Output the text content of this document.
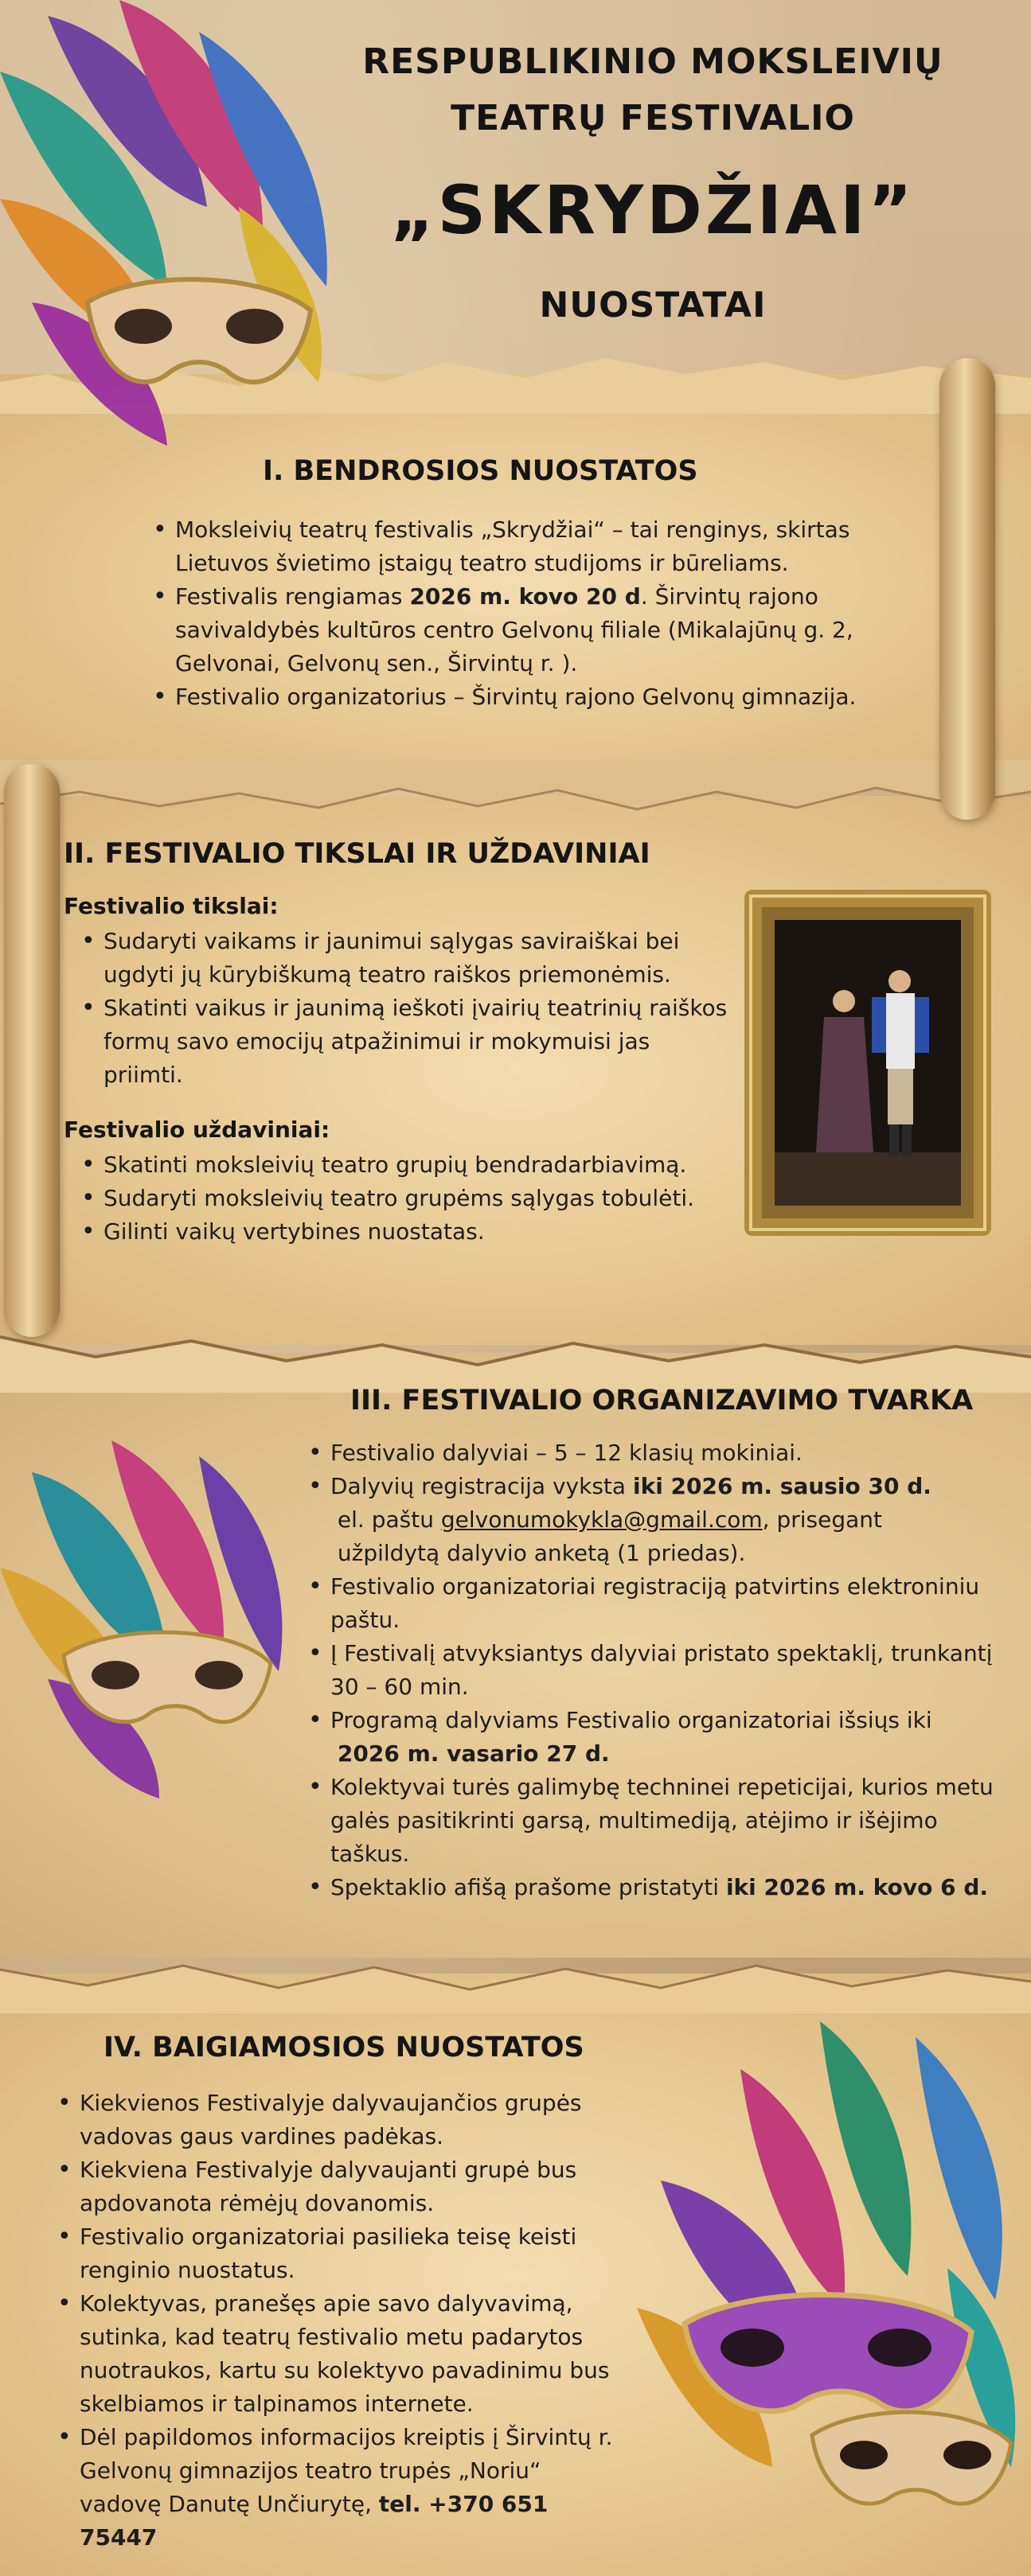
RESPUBLIKINIO MOKSLEIVIŲ
TEATRŲ FESTIVALIO
„SKRYDŽIAI”
NUOSTATAI
I. BENDROSIOS NUOSTATOS
• Moksleivių teatrų festivalis „Skrydžiai“ – tai renginys, skirtas
Lietuvos švietimo įstaigų teatro studijoms ir būreliams.
• Festivalis rengiamas 2026 m. kovo 20 d. Širvintų rajono
savivaldybės kultūros centro Gelvonų filiale (Mikalajūnų g. 2,
Gelvonai, Gelvonų sen., Širvintų r. ).
• Festivalio organizatorius – Širvintų rajono Gelvonų gimnazija.
II. FESTIVALIO TIKSLAI IR UŽDAVINIAI
Festivalio tikslai:
• Sudaryti vaikams ir jaunimui sąlygas saviraiškai bei
ugdyti jų kūrybiškumą teatro raiškos priemonėmis.
• Skatinti vaikus ir jaunimą ieškoti įvairių teatrinių raiškos
formų savo emocijų atpažinimui ir mokymuisi jas
priimti.
Festivalio uždaviniai:
• Skatinti moksleivių teatro grupių bendradarbiavimą.
• Sudaryti moksleivių teatro grupėms sąlygas tobulėti.
• Gilinti vaikų vertybines nuostatas.
III. FESTIVALIO ORGANIZAVIMO TVARKA
• Festivalio dalyviai – 5 – 12 klasių mokiniai.
• Dalyvių registracija vyksta iki 2026 m. sausio 30 d.
el. paštu gelvonumokykla@gmail.com, prisegant
užpildytą dalyvio anketą (1 priedas).
• Festivalio organizatoriai registraciją patvirtins elektroniniu
paštu.
• Į Festivalį atvyksiantys dalyviai pristato spektaklį, trunkantį
30 – 60 min.
• Programą dalyviams Festivalio organizatoriai išsiųs iki
2026 m. vasario 27 d.
• Kolektyvai turės galimybę techninei repeticijai, kurios metu
galės pasitikrinti garsą, multimediją, atėjimo ir išėjimo
taškus.
• Spektaklio afišą prašome pristatyti iki 2026 m. kovo 6 d.
IV. BAIGIAMOSIOS NUOSTATOS
• Kiekvienos Festivalyje dalyvaujančios grupės
vadovas gaus vardines padėkas.
• Kiekviena Festivalyje dalyvaujanti grupė bus
apdovanota rėmėjų dovanomis.
• Festivalio organizatoriai pasilieka teisę keisti
renginio nuostatus.
• Kolektyvas, pranešęs apie savo dalyvavimą,
sutinka, kad teatrų festivalio metu padarytos
nuotraukos, kartu su kolektyvo pavadinimu bus
skelbiamos ir talpinamos internete.
• Dėl papildomos informacijos kreiptis į Širvintų r.
Gelvonų gimnazijos teatro trupės „Noriu“
vadovę Danutę Unčiurytę, tel. +370 651 75447
